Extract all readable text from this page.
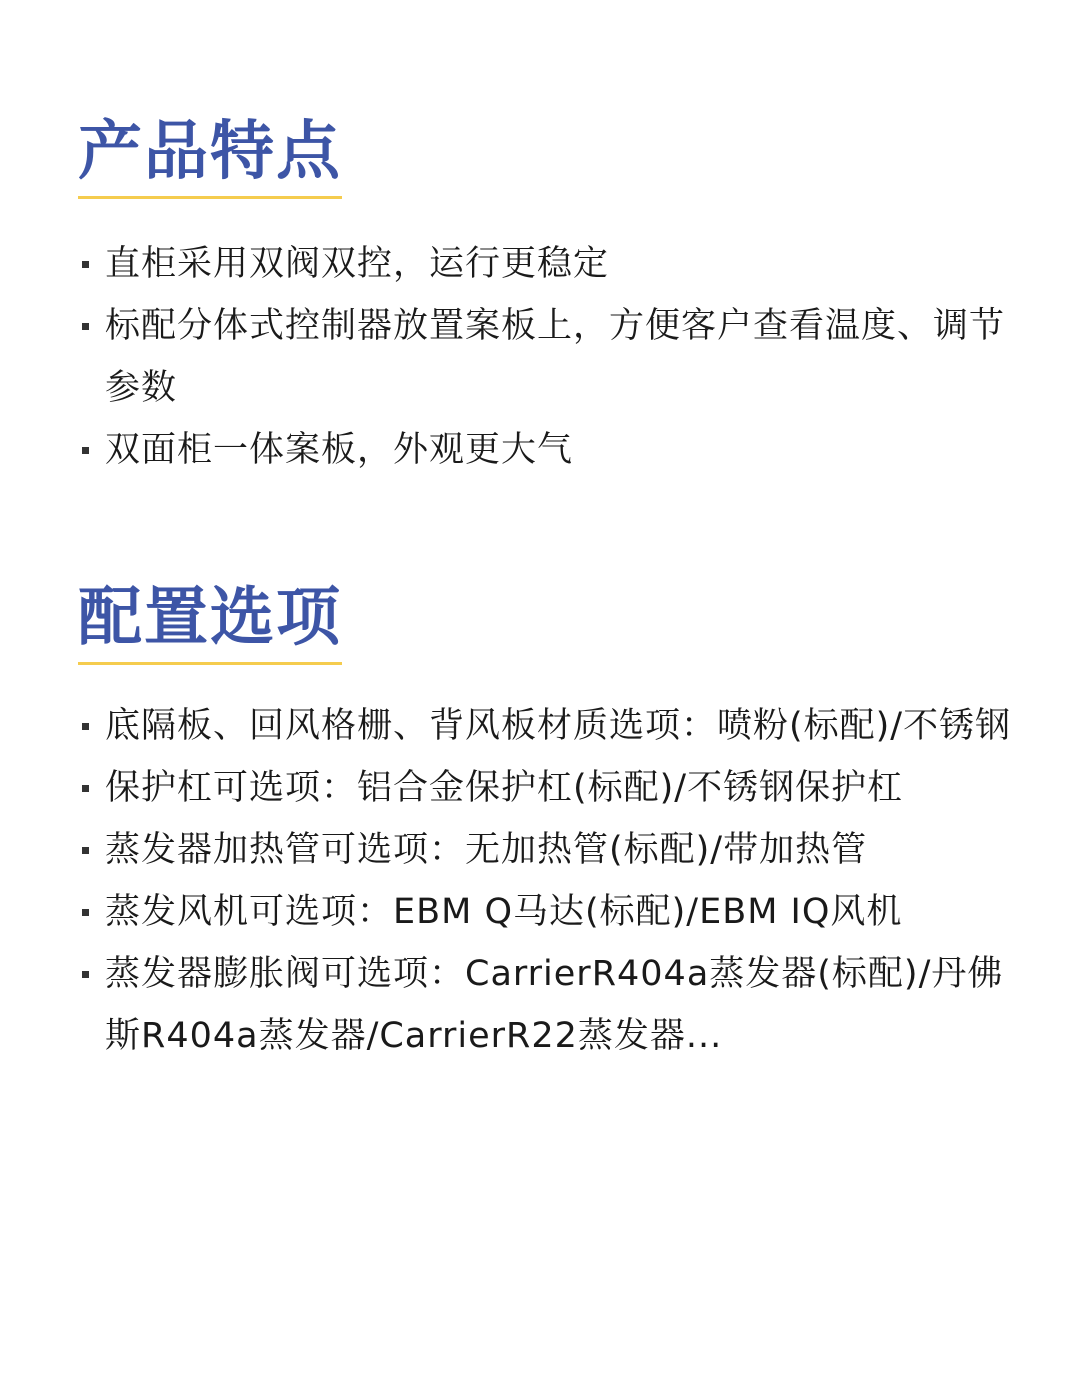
产品特点
直柜采用双阀双控，运行更稳定
标配分体式控制器放置案板上，方便客户查看温度、调节参数
双面柜一体案板，外观更大气
配置选项
底隔板、回风格栅、背风板材质选项：喷粉(标配)/不锈钢
保护杠可选项：铝合金保护杠(标配)/不锈钢保护杠
蒸发器加热管可选项：无加热管(标配)/带加热管
蒸发风机可选项：EBM Q马达(标配)/EBM IQ风机
蒸发器膨胀阀可选项：CarrierR404a蒸发器(标配)/丹佛斯R404a蒸发器/CarrierR22蒸发器...
